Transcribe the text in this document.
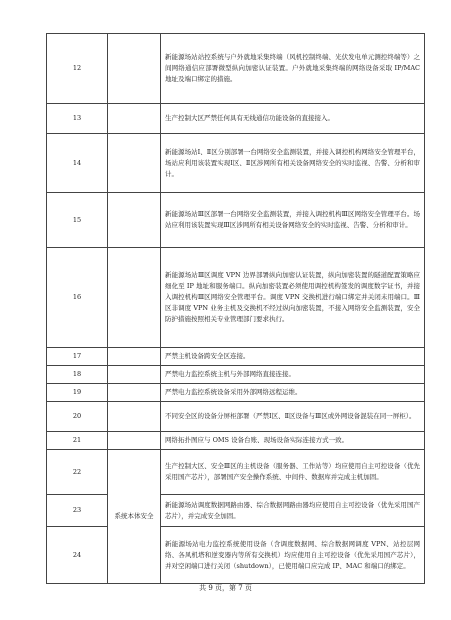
12		新能源场站站控系统与户外就地采集终端（风机控制终端、光伏发电单元测控终端等）之间网络通信应部署微型纵向加密认证装置。户外就地采集终端的网络设备采取 IP/MAC 地址及端口绑定的措施。
13		生产控制大区严禁任何具有无线通信功能设备的直接接入。
14		新能源场站Ⅰ、Ⅱ区分别部署一台网络安全监测装置，并接入调控机构网络安全管理平台，场站应利用该装置实现Ⅰ区、Ⅱ区涉网所有相关设备网络安全的实时监视、告警、分析和审计。
15		新能源场站Ⅲ区部署一台网络安全监测装置，并接入调控机构Ⅲ区网络安全管理平台。场站应利用该装置实现Ⅲ区涉网所有相关设备网络安全的实时监视、告警、分析和审计。
16		新能源场站Ⅲ区调度 VPN 边界部署纵向加密认证装置，纵向加密装置的隧道配置策略应细化至 IP 地址和服务端口。纵向加密装置必须使用调控机构签发的调度数字证书，并接入调控机构Ⅲ区网络安全管理平台。调度 VPN 交换机进行端口绑定并关闭未用端口。Ⅲ区非调度 VPN 业务主机及交换机不经过纵向加密装置，不接入网络安全监测装置，安全防护措施按照相关专业管理部门要求执行。
17		严禁主机设备跨安全区连接。
18		严禁电力监控系统主机与外部网络直接连接。
19		严禁电力监控系统设备采用外部网络远程运维。
20		不同安全区的设备分屏柜部署（严禁Ⅰ区、Ⅱ区设备与Ⅲ区或外网设备混装在同一屏柜）。
21		网络拓扑图应与 OMS 设备台账、现场设备实际连接方式一致。
22	系统本体安全	生产控制大区、安全Ⅲ区的主机设备（服务器、工作站等）均应使用自主可控设备（优先采用国产芯片），部署国产安全操作系统、中间件、数据库并完成主机加固。
23		新能源场站调度数据网路由器、综合数据网路由器均应使用自主可控设备（优先采用国产芯片），并完成安全加固。
24		新能源场站电力监控系统使用设备（含调度数据网、综合数据网调度 VPN、站控层网络、各风机塔和逆变器内等所有交换机）均应使用自主可控设备（优先采用国产芯片），并对空闲端口进行关闭（shutdown），已使用端口应完成 IP、MAC 和端口的绑定。
共 9 页，第 7 页
